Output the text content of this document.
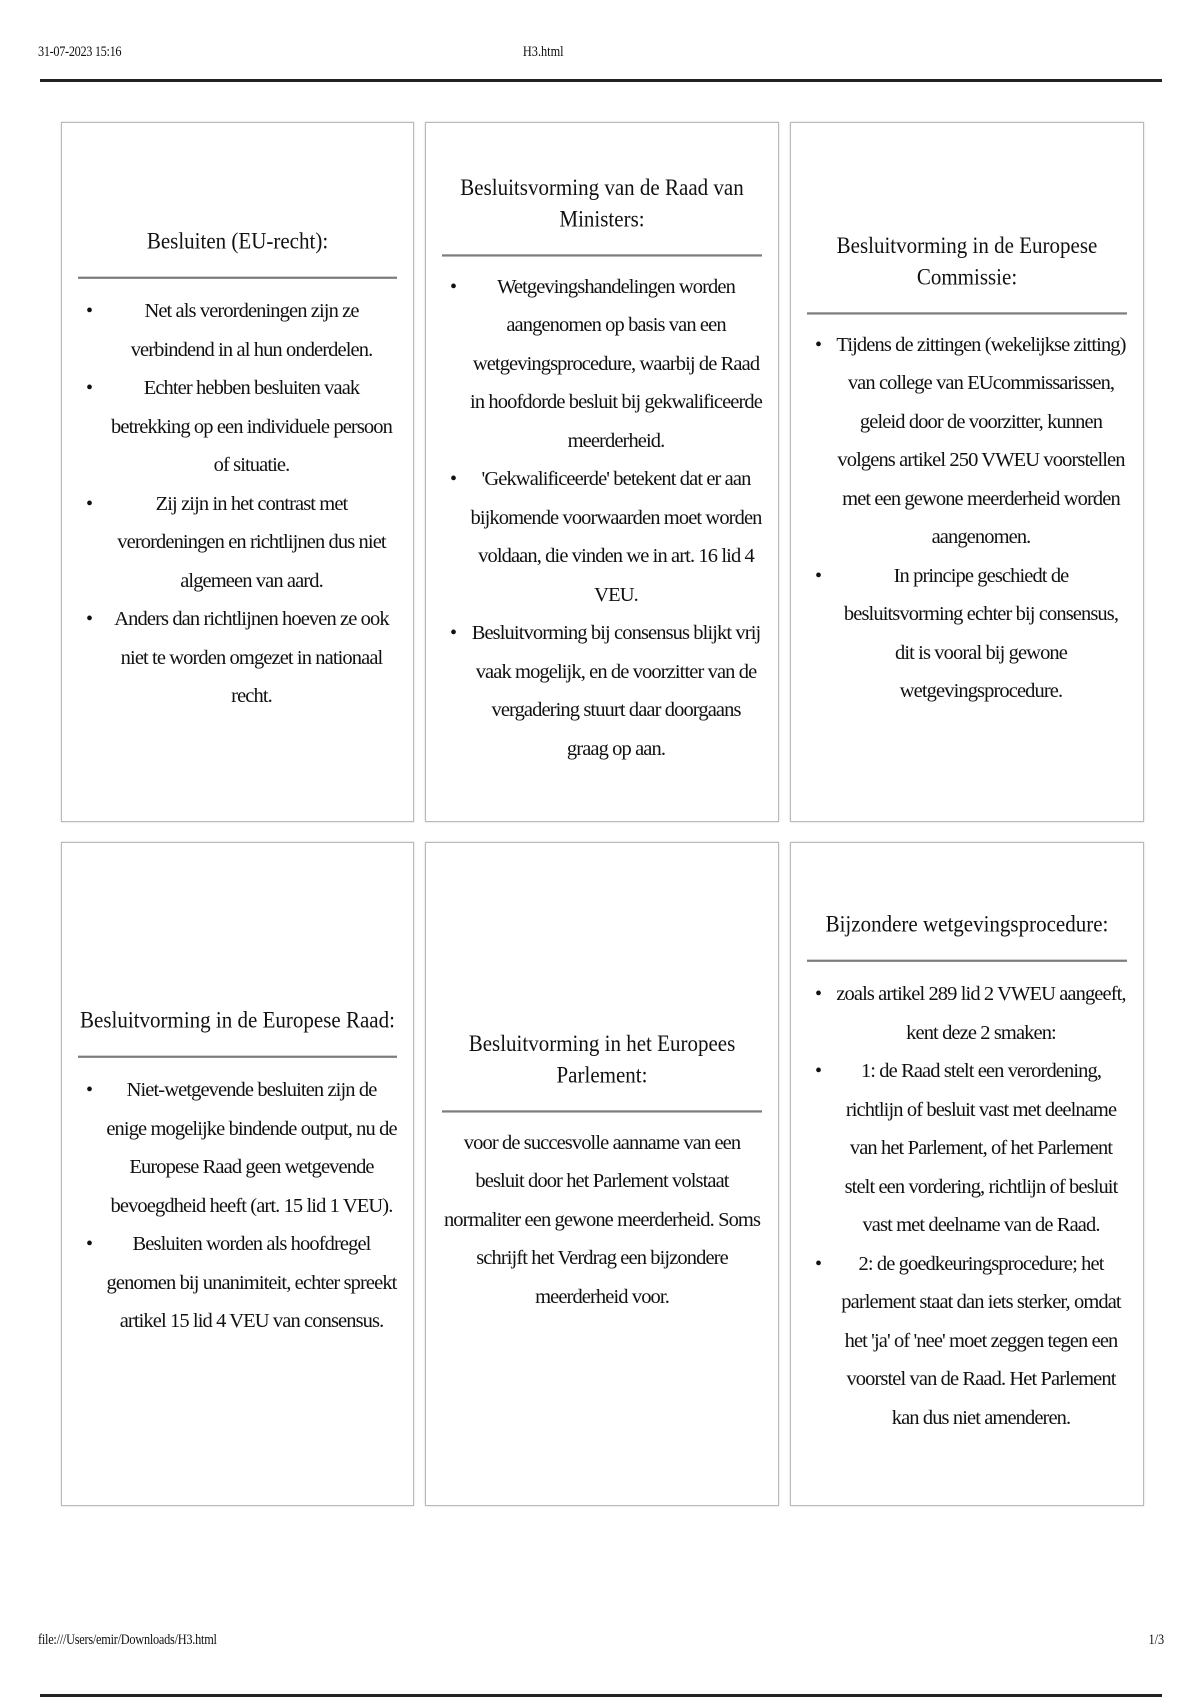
31-07-2023 15:16	H3.html
Besluiten (EU-recht):
• Net als verordeningen zijn ze verbindend in al hun onderdelen.
• Echter hebben besluiten vaak betrekking op een individuele persoon of situatie.
• Zij zijn in het contrast met verordeningen en richtlijnen dus niet algemeen van aard.
• Anders dan richtlijnen hoeven ze ook niet te worden omgezet in nationaal recht.
Besluitsvorming van de Raad van Ministers:
• Wetgevingshandelingen worden aangenomen op basis van een wetgevingsprocedure, waarbij de Raad in hoofdorde besluit bij gekwalificeerde meerderheid.
• 'Gekwalificeerde' betekent dat er aan bijkomende voorwaarden moet worden voldaan, die vinden we in art. 16 lid 4 VEU.
• Besluitvorming bij consensus blijkt vrij vaak mogelijk, en de voorzitter van de vergadering stuurt daar doorgaans graag op aan.
Besluitvorming in de Europese Commissie:
• Tijdens de zittingen (wekelijkse zitting) van college van EUcommissarissen, geleid door de voorzitter, kunnen volgens artikel 250 VWEU voorstellen met een gewone meerderheid worden aangenomen.
• In principe geschiedt de besluitsvorming echter bij consensus, dit is vooral bij gewone wetgevingsprocedure.
Besluitvorming in de Europese Raad:
• Niet-wetgevende besluiten zijn de enige mogelijke bindende output, nu de Europese Raad geen wetgevende bevoegdheid heeft (art. 15 lid 1 VEU).
• Besluiten worden als hoofdregel genomen bij unanimiteit, echter spreekt artikel 15 lid 4 VEU van consensus.
Besluitvorming in het Europees Parlement:

voor de succesvolle aanname van een besluit door het Parlement volstaat normaliter een gewone meerderheid. Soms schrijft het Verdrag een bijzondere meerderheid voor.

Bijzondere wetgevingsprocedure:
• zoals artikel 289 lid 2 VWEU aangeeft, kent deze 2 smaken:
• 1: de Raad stelt een verordening, richtlijn of besluit vast met deelname van het Parlement, of het Parlement stelt een vordering, richtlijn of besluit vast met deelname van de Raad.
• 2: de goedkeuringsprocedure; het parlement staat dan iets sterker, omdat het 'ja' of 'nee' moet zeggen tegen een voorstel van de Raad. Het Parlement kan dus niet amenderen.
file:///Users/emir/Downloads/H3.html	1/3
